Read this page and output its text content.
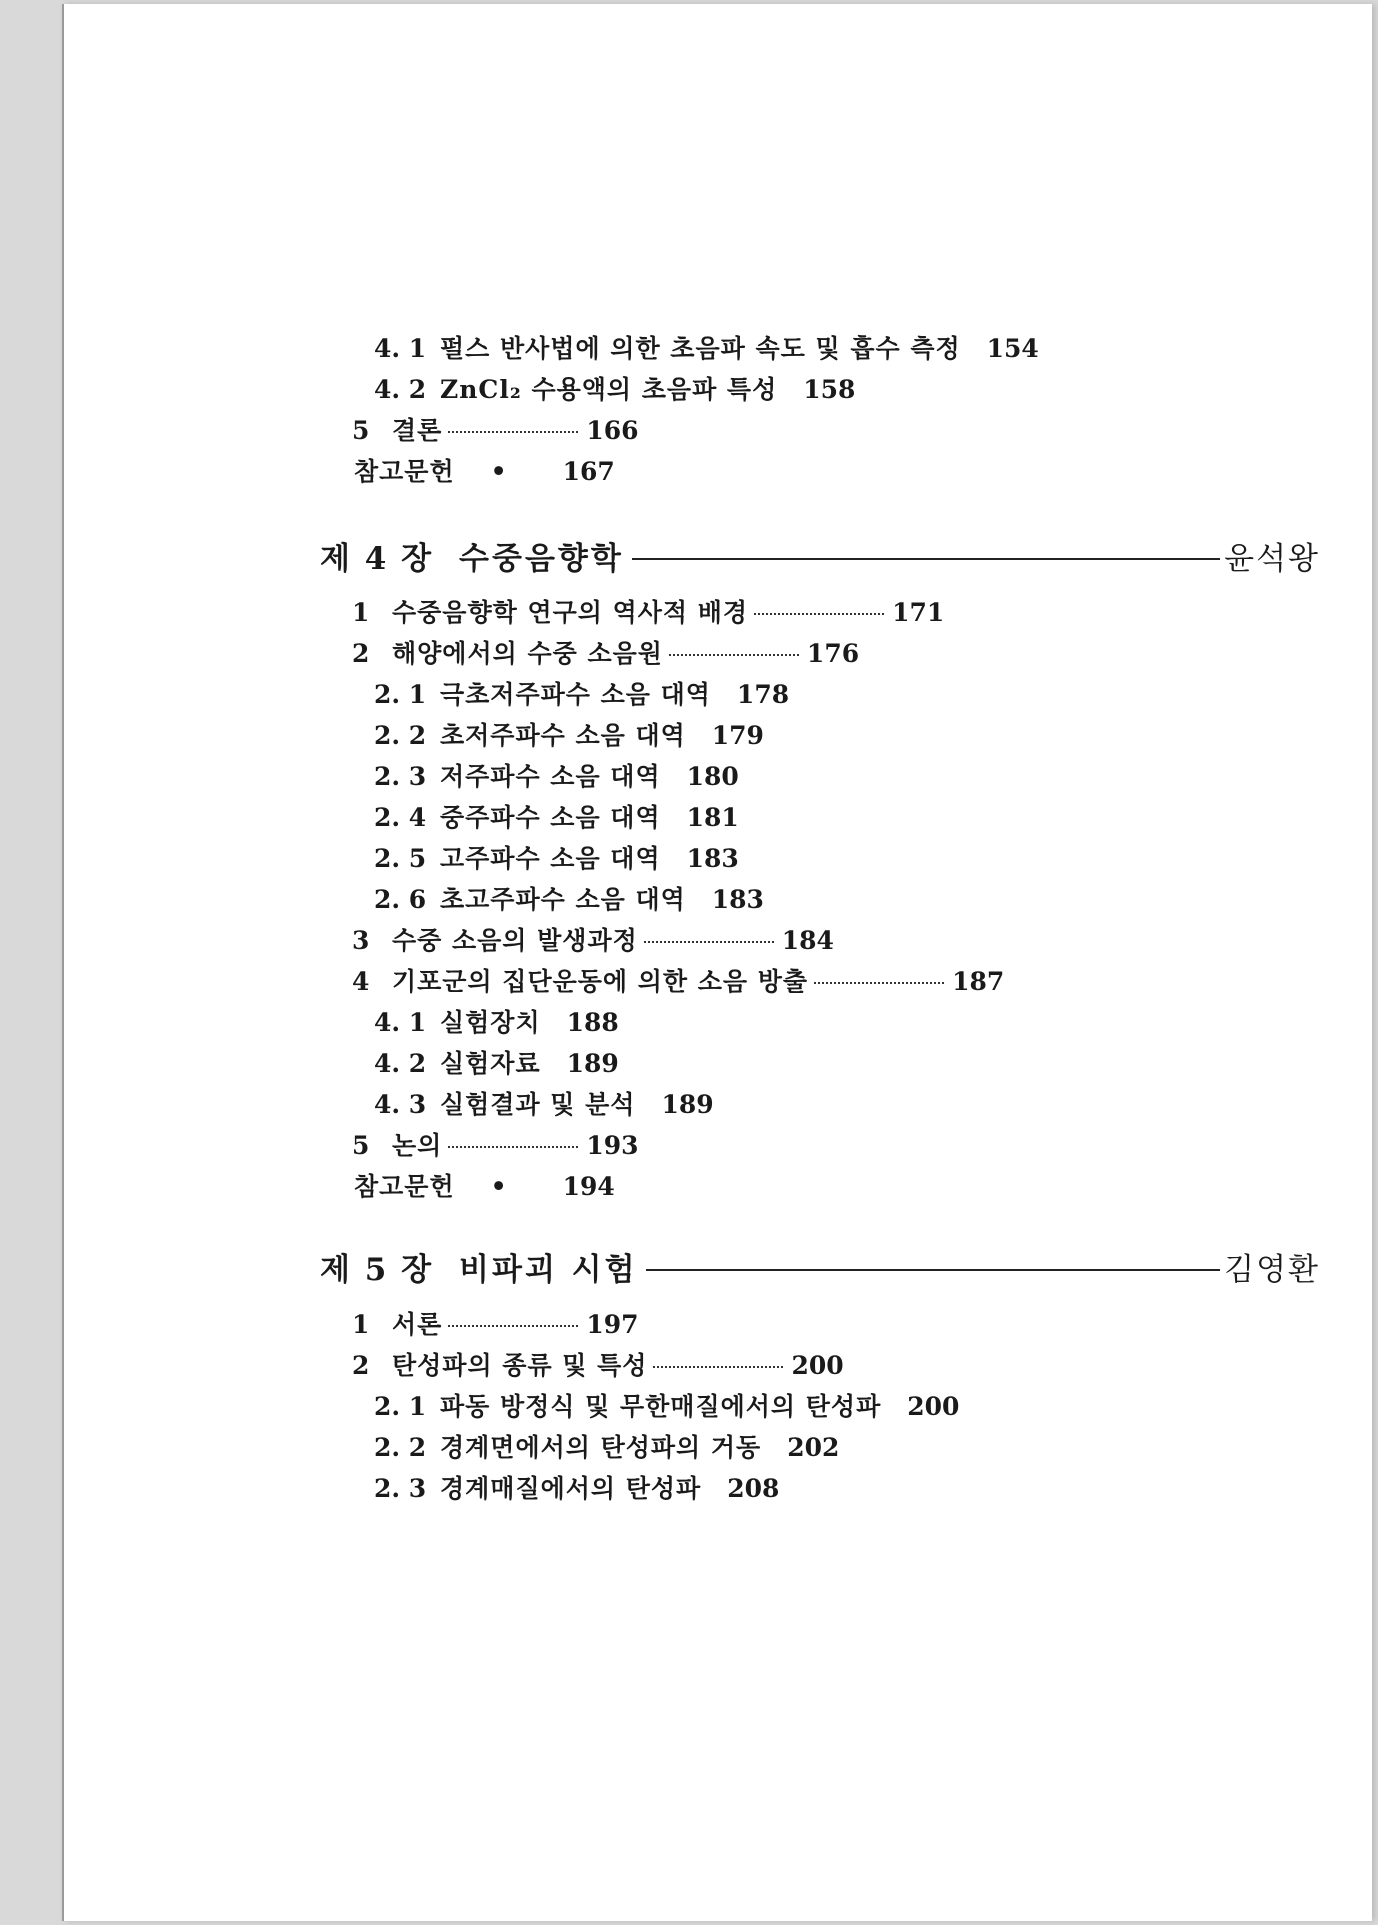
4. 1 펄스 반사법에 의한 초음파 속도 및 흡수 측정 154
4. 2 ZnCl₂ 수용액의 초음파 특성 158
5 결론	166
참고문헌 • 167
제 4 장 수중음향학	윤석왕
1 수중음향학 연구의 역사적 배경	171
2 해양에서의 수중 소음원	176
2. 1 극초저주파수 소음 대역 178
2. 2 초저주파수 소음 대역 179
2. 3 저주파수 소음 대역 180
2. 4 중주파수 소음 대역 181
2. 5 고주파수 소음 대역 183
2. 6 초고주파수 소음 대역 183
3 수중 소음의 발생과정	184
4 기포군의 집단운동에 의한 소음 방출	187
4. 1 실험장치 188
4. 2 실험자료 189
4. 3 실험결과 및 분석 189
5 논의	193
참고문헌 • 194
제 5 장 비파괴 시험	김영환
1 서론	197
2 탄성파의 종류 및 특성	200
2. 1 파동 방정식 및 무한매질에서의 탄성파 200
2. 2 경계면에서의 탄성파의 거동 202
2. 3 경계매질에서의 탄성파 208
